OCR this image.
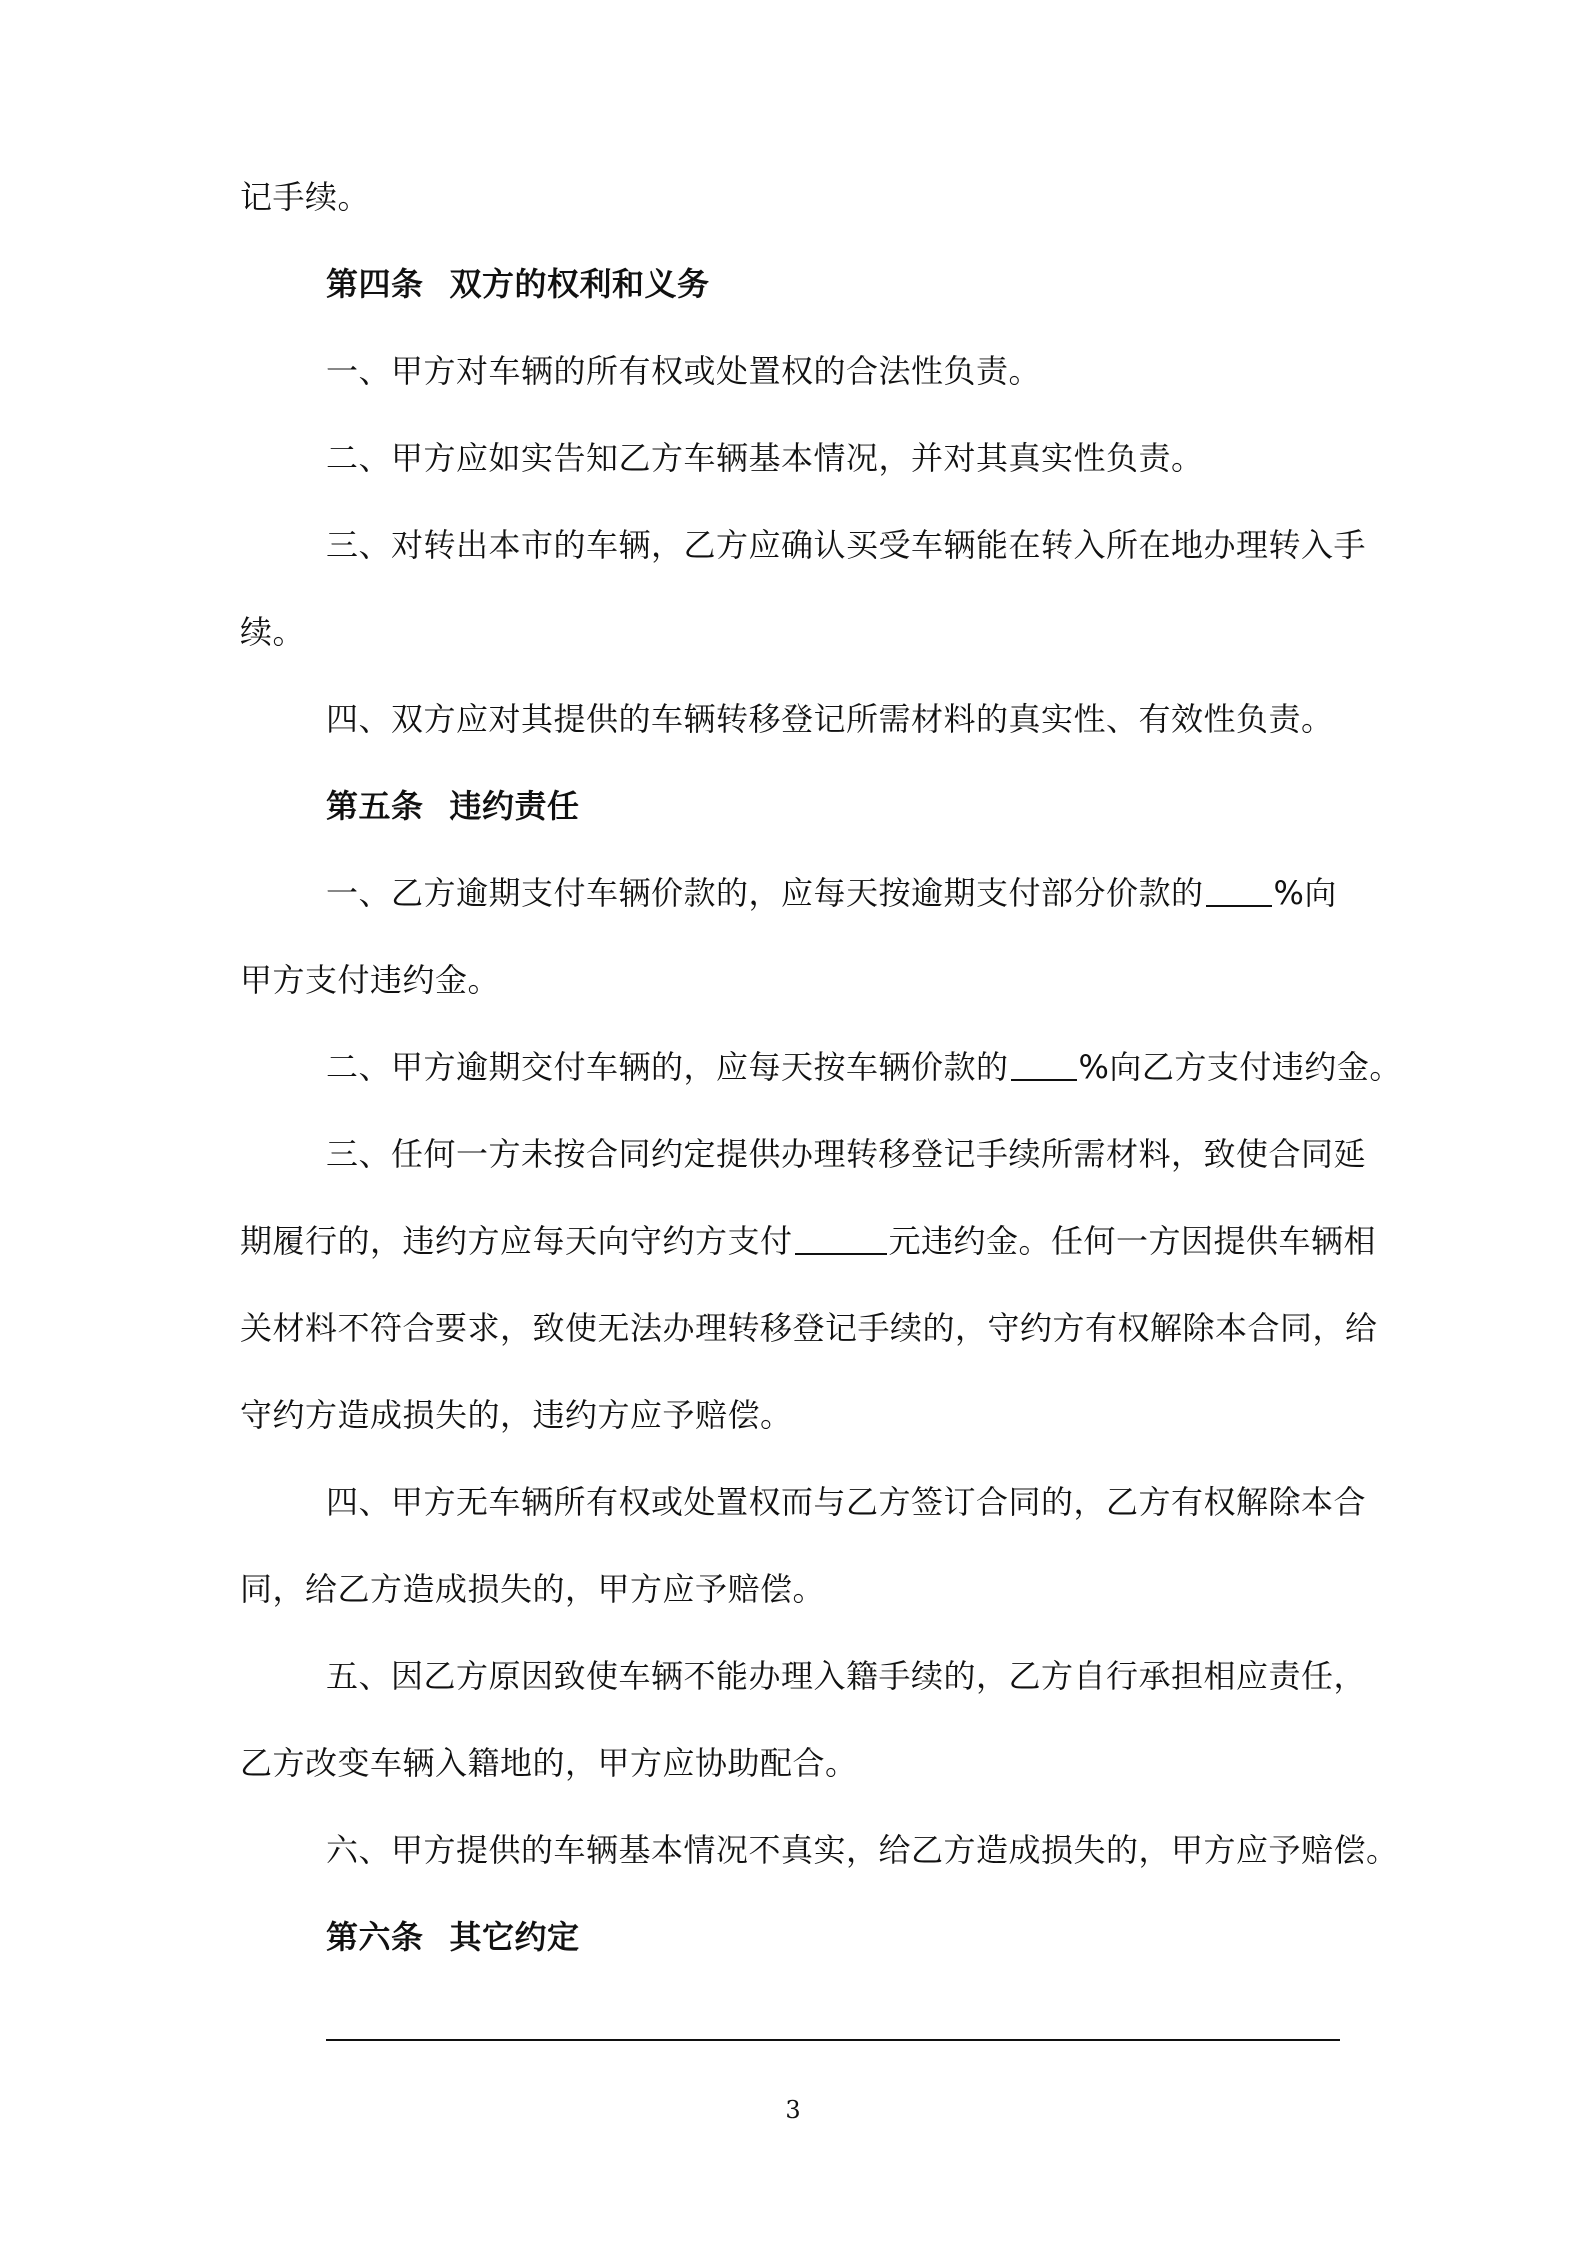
记手续。
第四条 双方的权利和义务
一、甲方对车辆的所有权或处置权的合法性负责。
二、甲方应如实告知乙方车辆基本情况，并对其真实性负责。
三、对转出本市的车辆，乙方应确认买受车辆能在转入所在地办理转入手
续。
四、双方应对其提供的车辆转移登记所需材料的真实性、有效性负责。
第五条 违约责任
一、乙方逾期支付车辆价款的，应每天按逾期支付部分价款的 %向
甲方支付违约金。
二、甲方逾期交付车辆的，应每天按车辆价款的 %向乙方支付违约金。
三、任何一方未按合同约定提供办理转移登记手续所需材料，致使合同延
期履行的，违约方应每天向守约方支付	元违约金。任何一方因提供车辆相
关材料不符合要求，致使无法办理转移登记手续的，守约方有权解除本合同，给
守约方造成损失的，违约方应予赔偿。
四、甲方无车辆所有权或处置权而与乙方签订合同的，乙方有权解除本合
同，给乙方造成损失的，甲方应予赔偿。
五、因乙方原因致使车辆不能办理入籍手续的，乙方自行承担相应责任，
乙方改变车辆入籍地的，甲方应协助配合。
六、甲方提供的车辆基本情况不真实，给乙方造成损失的，甲方应予赔偿。
第六条 其它约定
3
